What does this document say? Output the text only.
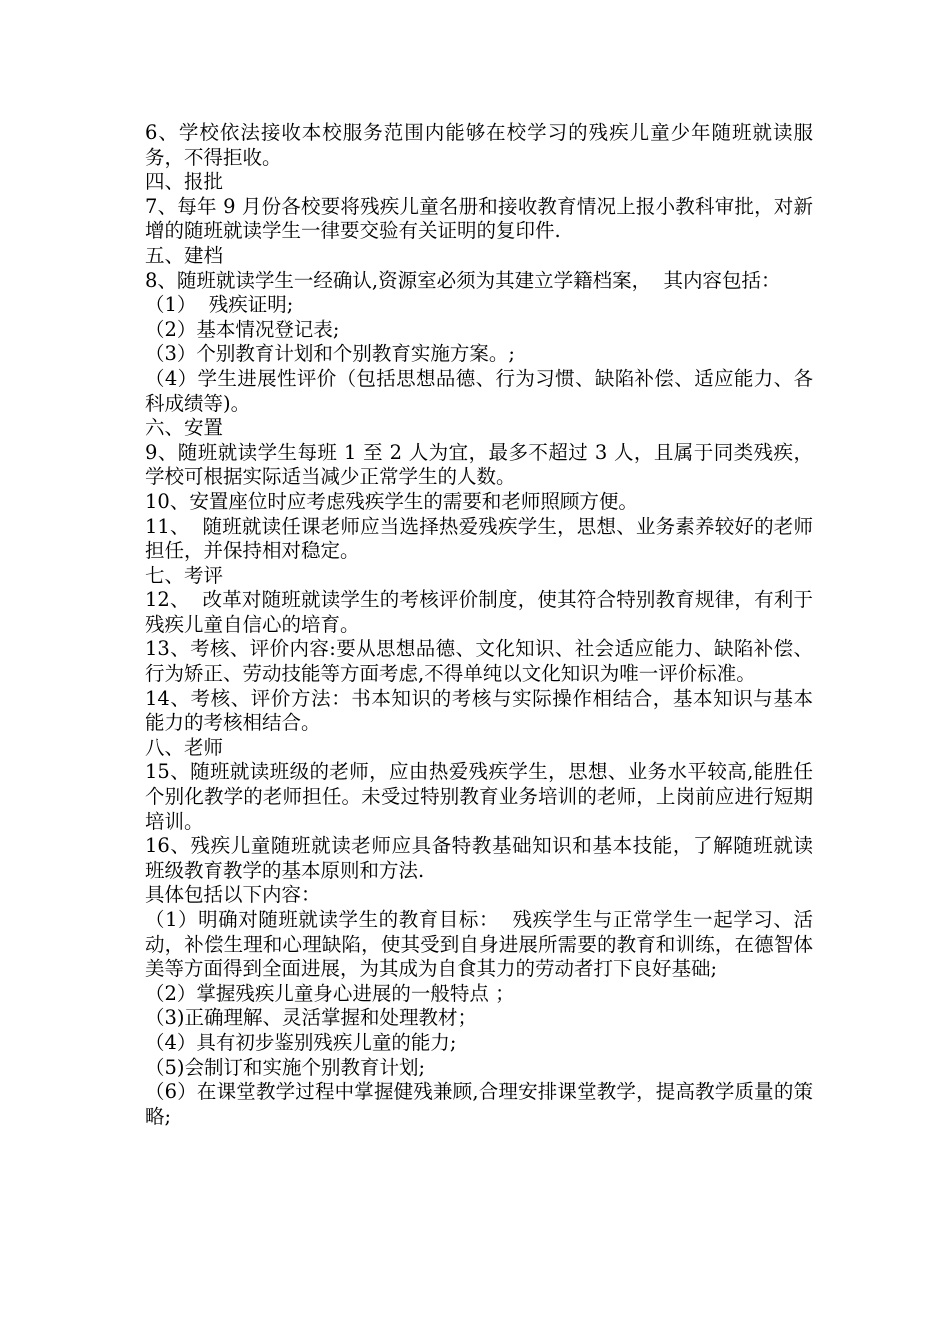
6、学校依法接收本校服务范围内能够在校学习的残疾儿童少年随班就读服务，不得拒收。

四、报批

7、每年 9 月份各校要将残疾儿童名册和接收教育情况上报小教科审批，对新增的随班就读学生一律要交验有关证明的复印件.

五、建档

8、随班就读学生一经确认,资源室必须为其建立学籍档案，  其内容包括：

（1）  残疾证明;

（2）基本情况登记表;

（3）个别教育计划和个别教育实施方案。;

（4）学生进展性评价（包括思想品德、行为习惯、缺陷补偿、适应能力、各科成绩等)。

六、安置

9、随班就读学生每班 1 至 2 人为宜，最多不超过 3 人，且属于同类残疾，学校可根据实际适当减少正常学生的人数。

10、安置座位时应考虑残疾学生的需要和老师照顾方便。

11、  随班就读任课老师应当选择热爱残疾学生，思想、业务素养较好的老师担任，并保持相对稳定。

七、考评

12、  改革对随班就读学生的考核评价制度，使其符合特别教育规律，有利于残疾儿童自信心的培育。

13、考核、评价内容:要从思想品德、文化知识、社会适应能力、缺陷补偿、行为矫正、劳动技能等方面考虑,不得单纯以文化知识为唯一评价标准。

14、考核、评价方法：书本知识的考核与实际操作相结合，基本知识与基本能力的考核相结合。

八、老师

15、随班就读班级的老师，应由热爱残疾学生，思想、业务水平较高,能胜任个别化教学的老师担任。未受过特别教育业务培训的老师，上岗前应进行短期培训。

16、残疾儿童随班就读老师应具备特教基础知识和基本技能，了解随班就读班级教育教学的基本原则和方法.

具体包括以下内容：

（1）明确对随班就读学生的教育目标：  残疾学生与正常学生一起学习、活动，补偿生理和心理缺陷，使其受到自身进展所需要的教育和训练，在德智体美等方面得到全面进展，为其成为自食其力的劳动者打下良好基础;

（2）掌握残疾儿童身心进展的一般特点 ；

（3)正确理解、灵活掌握和处理教材；

（4）具有初步鉴别残疾儿童的能力;

（5)会制订和实施个别教育计划;

（6）在课堂教学过程中掌握健残兼顾,合理安排课堂教学，提高教学质量的策略;
